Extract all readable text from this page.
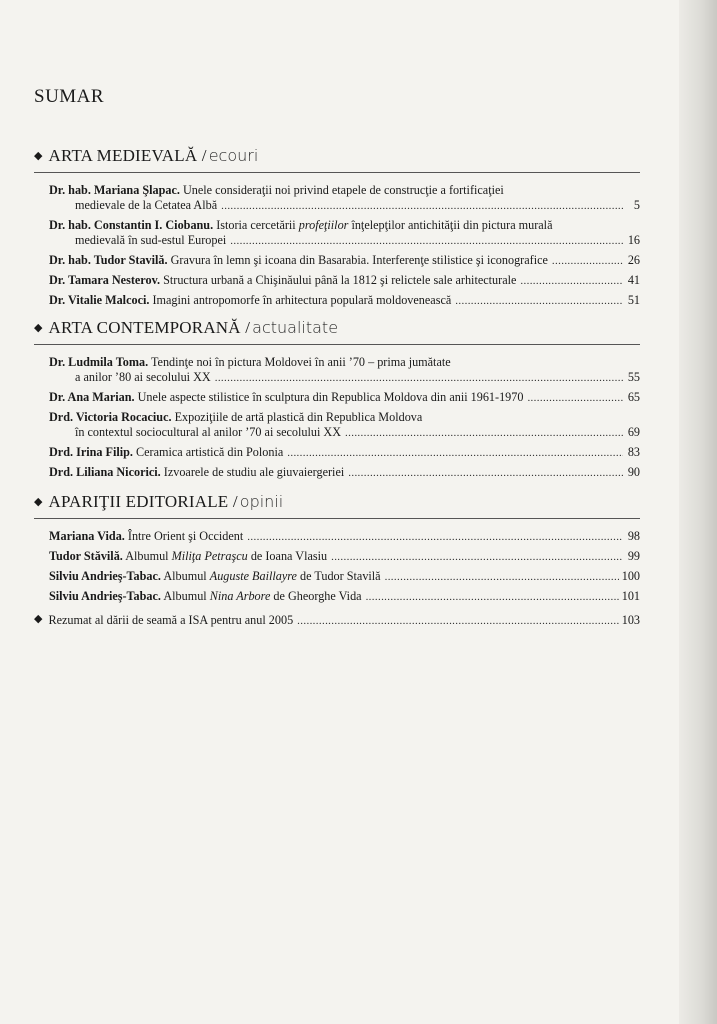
SUMAR
◆ ARTA MEDIEVALĂ / ecouri
Dr. hab. Mariana Şlapac. Unele consideraţii noi privind etapele de construcţie a fortificaţiei
medievale de la Cetatea Albă . . .	5
Dr. hab. Constantin I. Ciobanu. Istoria cercetării profeţiilor înţelepţilor antichităţii din pictura murală
medievală în sud-estul Europei . . .	16
Dr. hab. Tudor Stavilă. Gravura în lemn şi icoana din Basarabia. Interferenţe stilistice şi iconografice . . .	26
Dr. Tamara Nesterov. Structura urbană a Chişinăului până la 1812 şi relictele sale arhitecturale . . .	41
Dr. Vitalie Malcoci. Imagini antropomorfe în arhitectura populară moldovenească . . .	51
◆ ARTA CONTEMPORANĂ / actualitate
Dr. Ludmila Toma. Tendinţe noi în pictura Moldovei în anii ’70 – prima jumătate
a anilor ’80 ai secolului XX . . .	55
Dr. Ana Marian. Unele aspecte stilistice în sculptura din Republica Moldova din anii 1961-1970 . . .	65
Drd. Victoria Rocaciuc. Expoziţiile de artă plastică din Republica Moldova
în contextul sociocultural al anilor ’70 ai secolului XX . . .	69
Drd. Irina Filip. Ceramica artistică din Polonia . . .	83
Drd. Liliana Nicorici. Izvoarele de studiu ale giuvaiergeriei . . .	90
◆ APARIŢII EDITORIALE / opinii
Mariana Vida. Între Orient şi Occident . . .	98
Tudor Stăvilă. Albumul Miliţa Petraşcu de Ioana Vlasiu . . .	99
Silviu Andrieş-Tabac. Albumul Auguste Baillayre de Tudor Stavilă . . .	100
Silviu Andrieş-Tabac. Albumul Nina Arbore de Gheorghe Vida . . .	101
◆ Rezumat al dării de seamă a ISA pentru anul 2005 . . .	103
